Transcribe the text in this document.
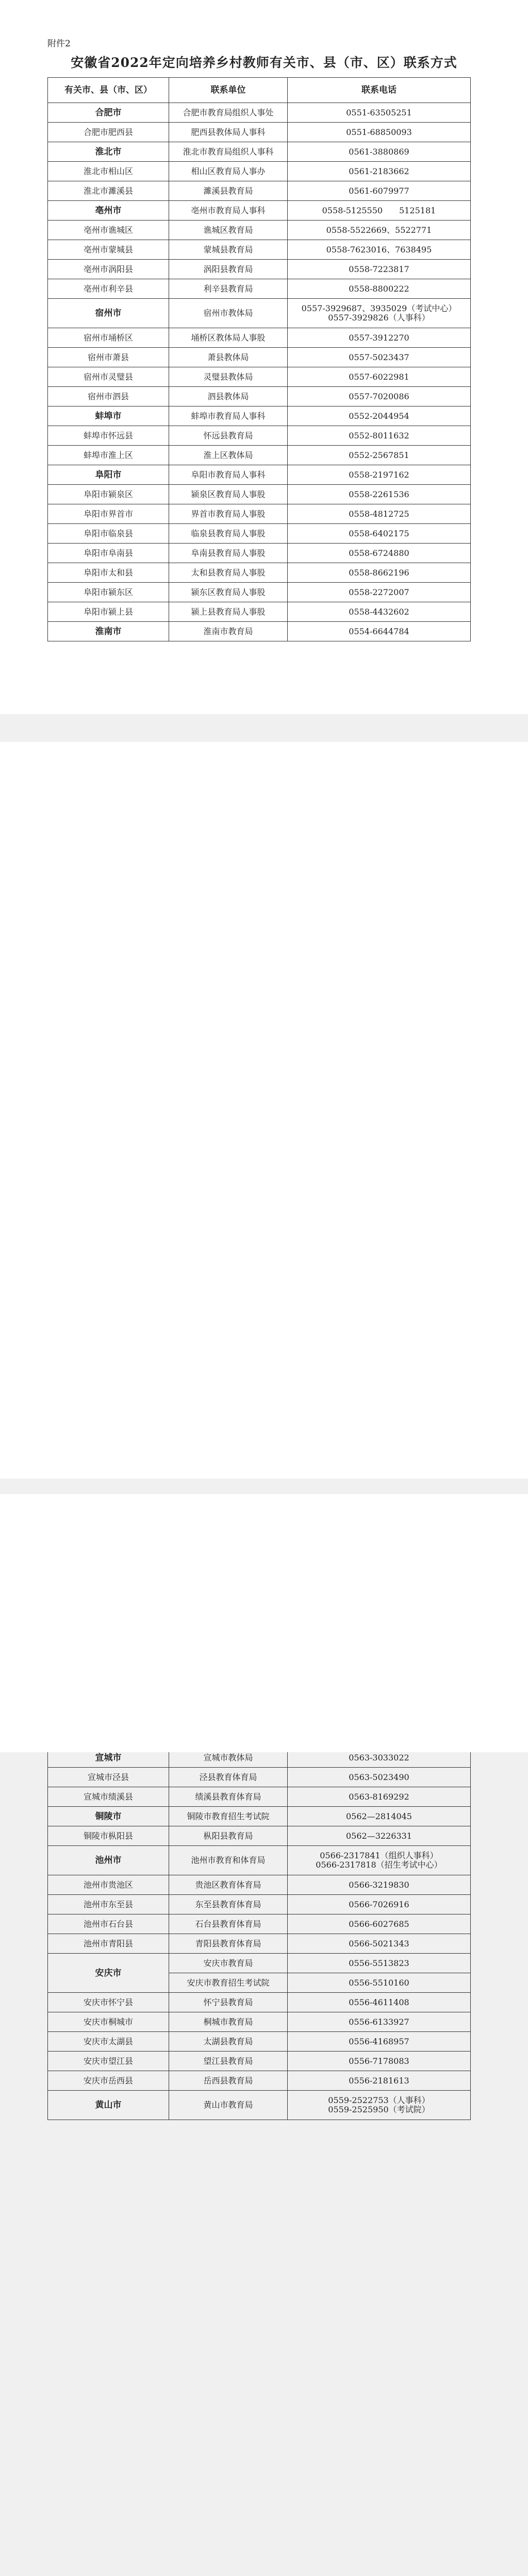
附件2
安徽省2022年定向培养乡村教师有关市、县（市、区）联系方式
有关市、县（市、区）	联系单位	联系电话
合肥市	合肥市教育局组织人事处	0551-63505251
合肥市肥西县	肥西县教体局人事科	0551-68850093
淮北市	淮北市教育局组织人事科	0561-3880869
淮北市相山区	相山区教育局人事办	0561-2183662
淮北市濉溪县	濉溪县教育局	0561-6079977
亳州市	亳州市教育局人事科	0558-5125550　　5125181
亳州市谯城区	谯城区教育局	0558-5522669、5522771
亳州市蒙城县	蒙城县教育局	0558-7623016、7638495
亳州市涡阳县	涡阳县教育局	0558-7223817
亳州市利辛县	利辛县教育局	0558-8800222
宿州市	宿州市教体局	0557-3929687、3935029（考试中心）
0557-3929826（人事科）

宿州市埇桥区	埇桥区教体局人事股	0557-3912270
宿州市萧县	萧县教体局	0557-5023437
宿州市灵璧县	灵璧县教体局	0557-6022981
宿州市泗县	泗县教体局	0557-7020086
蚌埠市	蚌埠市教育局人事科	0552-2044954
蚌埠市怀远县	怀远县教育局	0552-8011632
蚌埠市淮上区	淮上区教体局	0552-2567851
阜阳市	阜阳市教育局人事科	0558-2197162
阜阳市颍泉区	颍泉区教育局人事股	0558-2261536
阜阳市界首市	界首市教育局人事股	0558-4812725
阜阳市临泉县	临泉县教育局人事股	0558-6402175
阜阳市阜南县	阜南县教育局人事股	0558-6724880
阜阳市太和县	太和县教育局人事股	0558-8662196
阜阳市颍东区	颍东区教育局人事股	0558-2272007
阜阳市颍上县	颍上县教育局人事股	0558-4432602
淮南市	淮南市教育局	0554-6644784

宣城市	宣城市教体局	0563-3033022
宣城市泾县	泾县教育体育局	0563-5023490
宣城市绩溪县	绩溪县教育体育局	0563-8169292
铜陵市	铜陵市教育招生考试院	0562—2814045
铜陵市枞阳县	枞阳县教育局	0562—3226331
池州市	池州市教育和体育局	0566-2317841（组织人事科）
0566-2317818（招生考试中心）

池州市贵池区	贵池区教育体育局	0566-3219830
池州市东至县	东至县教育体育局	0566-7026916
池州市石台县	石台县教育体育局	0566-6027685
池州市青阳县	青阳县教育体育局	0566-5021343
安庆市	安庆市教育局	0556-5513823
	安庆市教育招生考试院	0556-5510160
安庆市怀宁县	怀宁县教育局	0556-4611408
安庆市桐城市	桐城市教育局	0556-6133927
安庆市太湖县	太湖县教育局	0556-4168957
安庆市望江县	望江县教育局	0556-7178083
安庆市岳西县	岳西县教育局	0556-2181613
黄山市	黄山市教育局	0559-2522753（人事科）
0559-2525950（考试院）
